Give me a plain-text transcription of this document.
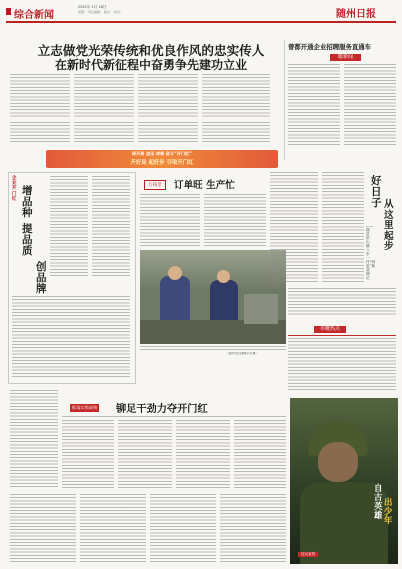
综合新闻
2021年 1月 18日
星期一 责任编辑： 版式： 校对：	随州日报
立志做党光荣传统和优良作风的忠实传人
在新时代新征程中奋勇争先建功立业
曾都开通企业招聘服务直通车
暖新闻
保开局 加压 冲刺 奋斗“开门红”
开好局 起好步 夺取开门红
企业开门红
增品种
提品质
创品牌
万枝堂	订单旺 生产忙
（随州日报全媒体记者 摄）
好日子 从这里起步
——随县洪山镇八步一村“两委”换届侧记
市概热点
抓落实抓成效 铆足干劲力夺开门红
自古英雄
出少年
征兵宣传
